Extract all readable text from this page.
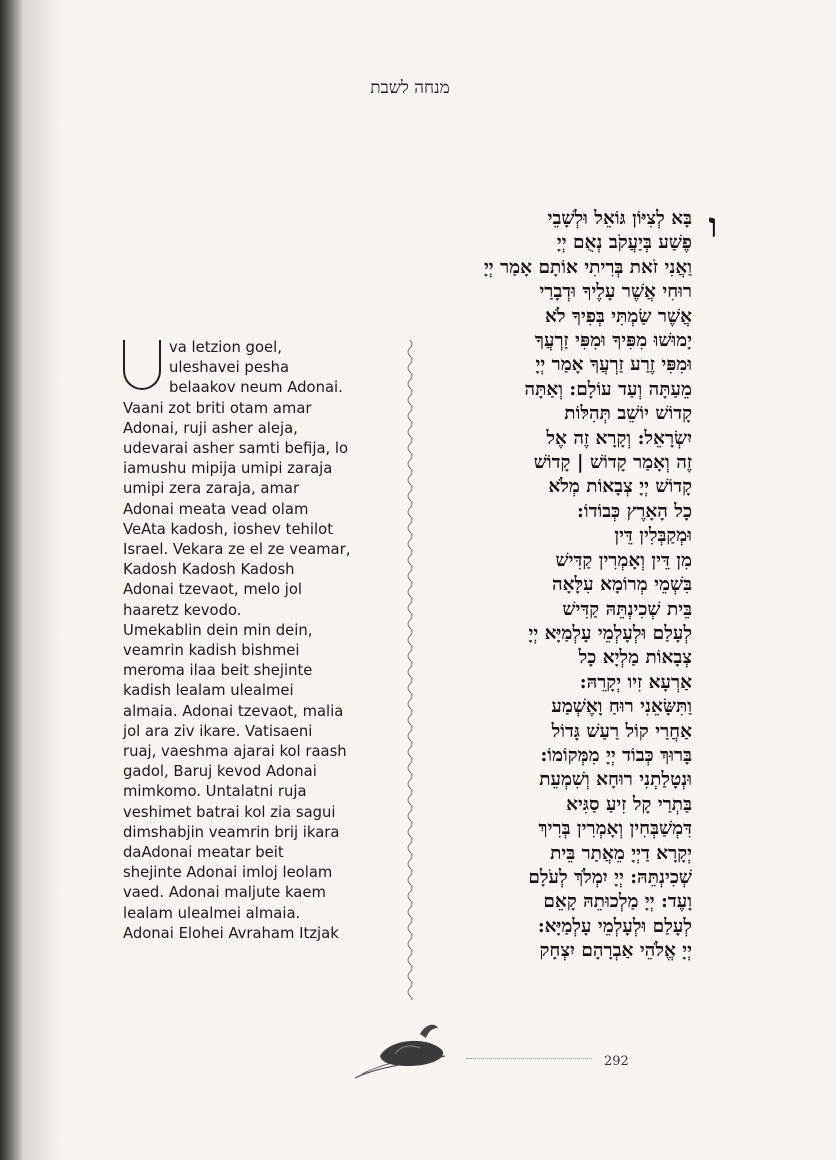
מנחה לשבת
ו
בָּא לְצִיּוֹן גּוֹאֵל וּלְשָׁבֵי
פֶשַׁע בְּיַעֲקֹב נְאֻם יְיָ
וַאֲנִי זֹאת בְּרִיתִי אוֹתָם אָמַר יְיָ
רוּחִי אֲשֶׁר עָלֶיךָ וּדְבָרַי
אֲשֶׁר שַׂמְתִּי בְּפִיךָ לֹא
יָמוּשׁוּ מִפִּיךָ וּמִפִּי זַרְעֲךָ
וּמִפִּי זֶרַע זַרְעֲךָ אָמַר יְיָ
מֵעַתָּה וְעַד עוֹלָם: וְאַתָּה
קָדוֹשׁ יוֹשֵׁב תְּהִלּוֹת
יִשְׂרָאֵל: וְקָרָא זֶה אֶל
זֶה וְאָמַר קָדוֹשׁ | קָדוֹשׁ
קָדוֹשׁ יְיָ צְבָאוֹת מְלֹא
כָל הָאָרֶץ כְּבוֹדוֹ:
וּמְקַבְּלִין דֵּין
מִן דֵּין וְאָמְרִין קַדִּישׁ
בִּשְׁמֵי מְרוֹמָא עִלָּאָה
בֵּית שְׁכִינְתֵּהּ קַדִּישׁ
לְעָלַם וּלְעָלְמֵי עָלְמַיָּא יְיָ
צְבָאוֹת מַלְיָא כָל
אַרְעָא זִיו יְקָרֵהּ:
וַתִּשָּׂאֵנִי רוּחַ וָאֶשְׁמַע
אַחֲרַי קוֹל רַעַשׁ גָּדוֹל
בָּרוּךְ כְּבוֹד יְיָ מִמְּקוֹמוֹ:
וּנְטָלַתְנִי רוּחָא וְשִׁמְעֵת
בַּתְרַי קָל זִיעַ סַגִּיא
דִּמְשַׁבְּחִין וְאָמְרִין בְּרִיךְ
יְקָרָא דַיְיָ מֵאֲתַר בֵּית
שְׁכִינְתֵּהּ: יְיָ יִמְלֹךְ לְעֹלָם
וָעֶד: יְיָ מַלְכוּתֵהּ קָאֵם
לְעָלַם וּלְעָלְמֵי עָלְמַיָּא:
יְיָ אֱלֹהֵי אַבְרָהָם יִצְחָק
va letzion goel,
uleshavei pesha
belaakov neum Adonai.
Vaani zot briti otam amar
Adonai, ruji asher aleja,
udevarai asher samti befija, lo
iamushu mipija umipi zaraja
umipi zera zaraja, amar
Adonai meata vead olam
VeAta kadosh, ioshev tehilot
Israel. Vekara ze el ze veamar,
Kadosh Kadosh Kadosh
Adonai tzevaot, melo jol
haaretz kevodo.
Umekablin dein min dein,
veamrin kadish bishmei
meroma ilaa beit shejinte
kadish lealam ulealmei
almaia. Adonai tzevaot, malia
jol ara ziv ikare. Vatisaeni
ruaj, vaeshma ajarai kol raash
gadol, Baruj kevod Adonai
mimkomo. Untalatni ruja
veshimet batrai kol zia sagui
dimshabjin veamrin brij ikara
daAdonai meatar beit
shejinte Adonai imloj leolam
vaed. Adonai maljute kaem
lealam ulealmei almaia.
Adonai Elohei Avraham Itzjak
292
